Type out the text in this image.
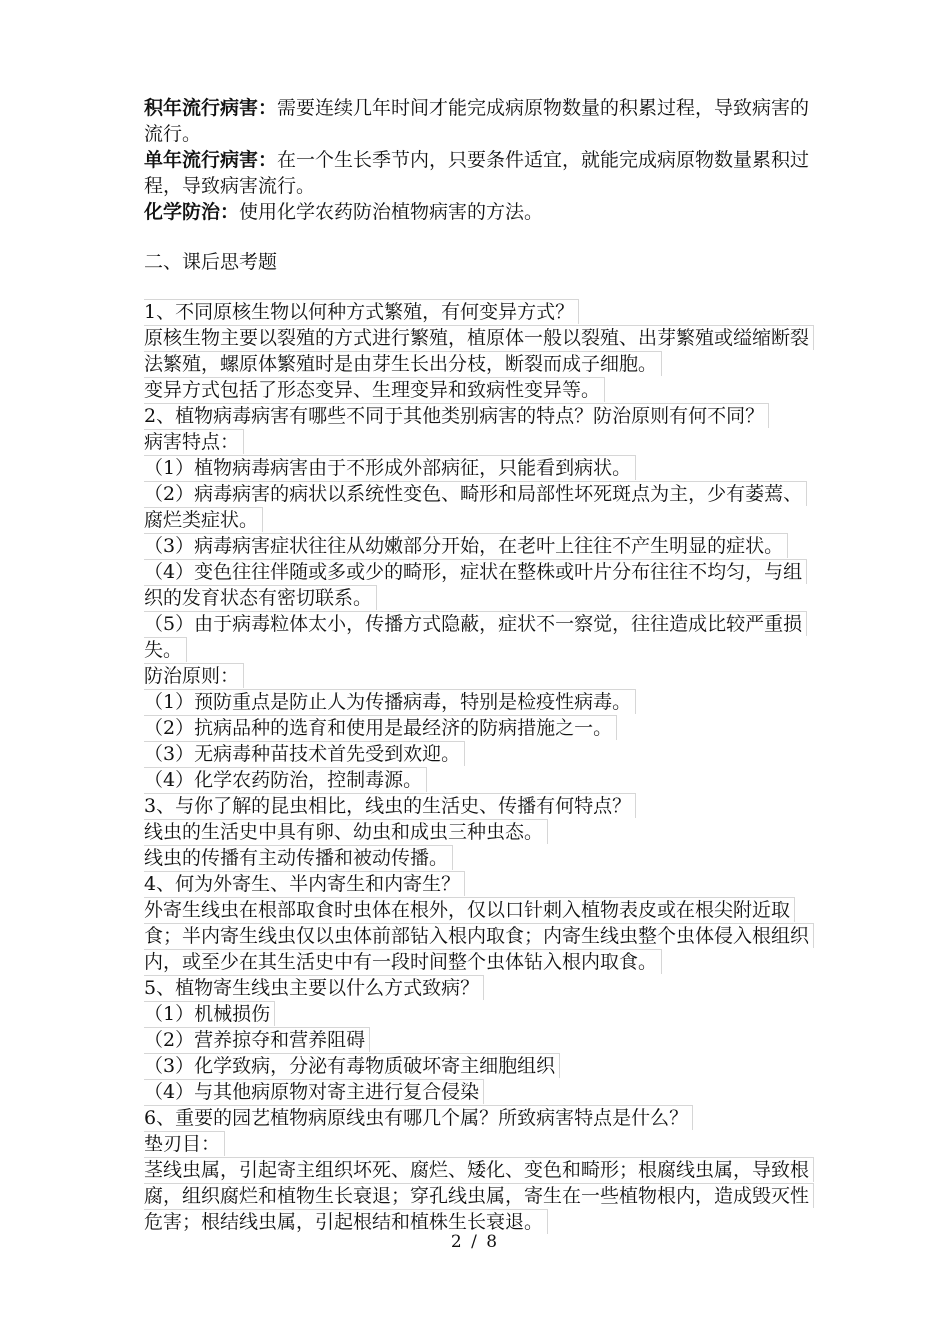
积年流行病害：需要连续几年时间才能完成病原物数量的积累过程，导致病害的流行。

单年流行病害：在一个生长季节内，只要条件适宜，就能完成病原物数量累积过程，导致病害流行。

化学防治：使用化学农药防治植物病害的方法。

二、课后思考题
1、不同原核生物以何种方式繁殖，有何变异方式？
原核生物主要以裂殖的方式进行繁殖，植原体一般以裂殖、出芽繁殖或缢缩断裂
法繁殖，螺原体繁殖时是由芽生长出分枝，断裂而成子细胞。
变异方式包括了形态变异、生理变异和致病性变异等。
2、植物病毒病害有哪些不同于其他类别病害的特点？防治原则有何不同？
病害特点：
（1）植物病毒病害由于不形成外部病征，只能看到病状。
（2）病毒病害的病状以系统性变色、畸形和局部性坏死斑点为主，少有萎蔫、
腐烂类症状。
（3）病毒病害症状往往从幼嫩部分开始，在老叶上往往不产生明显的症状。
（4）变色往往伴随或多或少的畸形，症状在整株或叶片分布往往不均匀，与组
织的发育状态有密切联系。
（5）由于病毒粒体太小，传播方式隐蔽，症状不一察觉，往往造成比较严重损
失。
防治原则：
（1）预防重点是防止人为传播病毒，特别是检疫性病毒。
（2）抗病品种的选育和使用是最经济的防病措施之一。
（3）无病毒种苗技术首先受到欢迎。
（4）化学农药防治，控制毒源。
3、与你了解的昆虫相比，线虫的生活史、传播有何特点？
线虫的生活史中具有卵、幼虫和成虫三种虫态。
线虫的传播有主动传播和被动传播。
4、何为外寄生、半内寄生和内寄生？
外寄生线虫在根部取食时虫体在根外，仅以口针刺入植物表皮或在根尖附近取
食；半内寄生线虫仅以虫体前部钻入根内取食；内寄生线虫整个虫体侵入根组织
内，或至少在其生活史中有一段时间整个虫体钻入根内取食。
5、植物寄生线虫主要以什么方式致病？
（1）机械损伤
（2）营养掠夺和营养阻碍
（3）化学致病，分泌有毒物质破坏寄主细胞组织
（4）与其他病原物对寄主进行复合侵染
6、重要的园艺植物病原线虫有哪几个属？所致病害特点是什么？
垫刃目：
茎线虫属，引起寄主组织坏死、腐烂、矮化、变色和畸形；根腐线虫属，导致根
腐，组织腐烂和植物生长衰退；穿孔线虫属，寄生在一些植物根内，造成毁灭性
危害；根结线虫属，引起根结和植株生长衰退。
2 / 8
